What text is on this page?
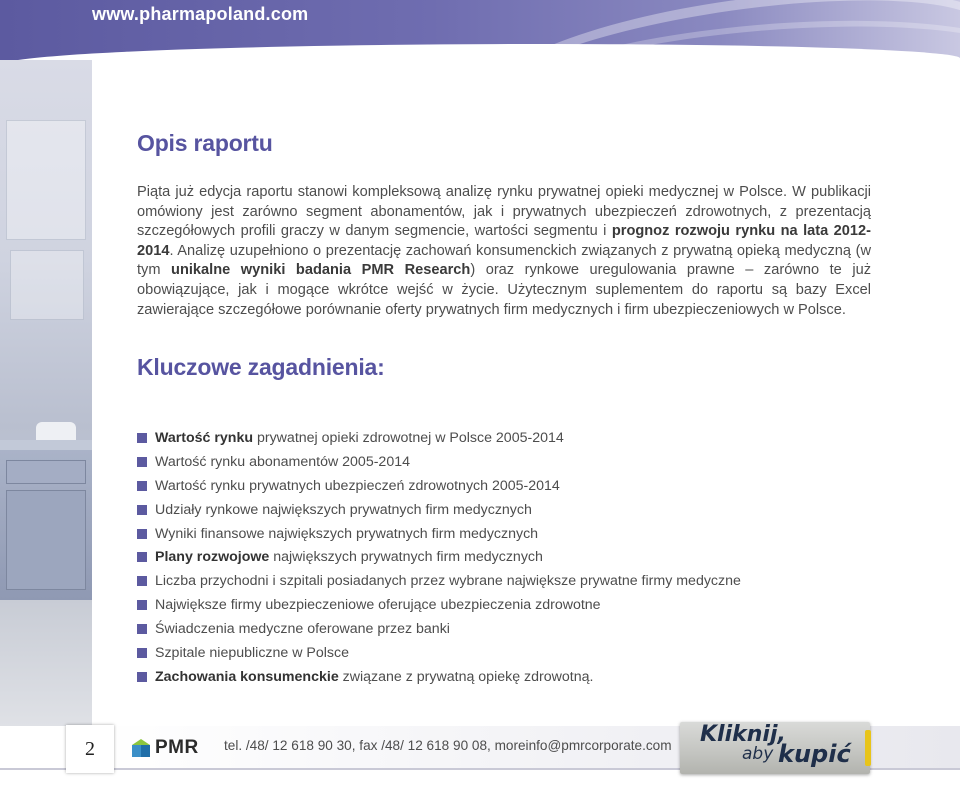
www.pharmapoland.com
Opis raportu

Piąta już edycja raportu stanowi kompleksową analizę rynku prywatnej opieki medycznej w Polsce. W publikacji omówiony jest zarówno segment abonamentów, jak i prywatnych ubezpieczeń zdrowotnych, z prezentacją szczegółowych profili graczy w danym segmencie, wartości segmentu i prognoz rozwoju rynku na lata 2012-2014. Analizę uzupełniono o prezentację zachowań konsumenckich związanych z prywatną opieką medyczną (w tym unikalne wyniki badania PMR Research) oraz rynkowe uregulowania prawne – zarówno te już obowiązujące, jak i mogące wkrótce wejść w życie. Użytecznym suplementem do raportu są bazy Excel zawierające szczegółowe porównanie oferty prywatnych firm medycznych i firm ubezpieczeniowych w Polsce.

Kluczowe zagadnienia:
Wartość rynku prywatnej opieki zdrowotnej w Polsce 2005-2014
Wartość rynku abonamentów 2005-2014
Wartość rynku prywatnych ubezpieczeń zdrowotnych 2005-2014
Udziały rynkowe największych prywatnych firm medycznych
Wyniki finansowe największych prywatnych firm medycznych
Plany rozwojowe największych prywatnych firm medycznych
Liczba przychodni i szpitali posiadanych przez wybrane największe prywatne firmy medyczne
Największe firmy ubezpieczeniowe oferujące ubezpieczenia zdrowotne
Świadczenia medyczne oferowane przez banki
Szpitale niepubliczne w Polsce
Zachowania konsumenckie związane z prywatną opiekę zdrowotną.
2	PMR tel. /48/ 12 618 90 30, fax /48/ 12 618 90 08, moreinfo@pmrcorporate.com Kliknij,
aby kupić
